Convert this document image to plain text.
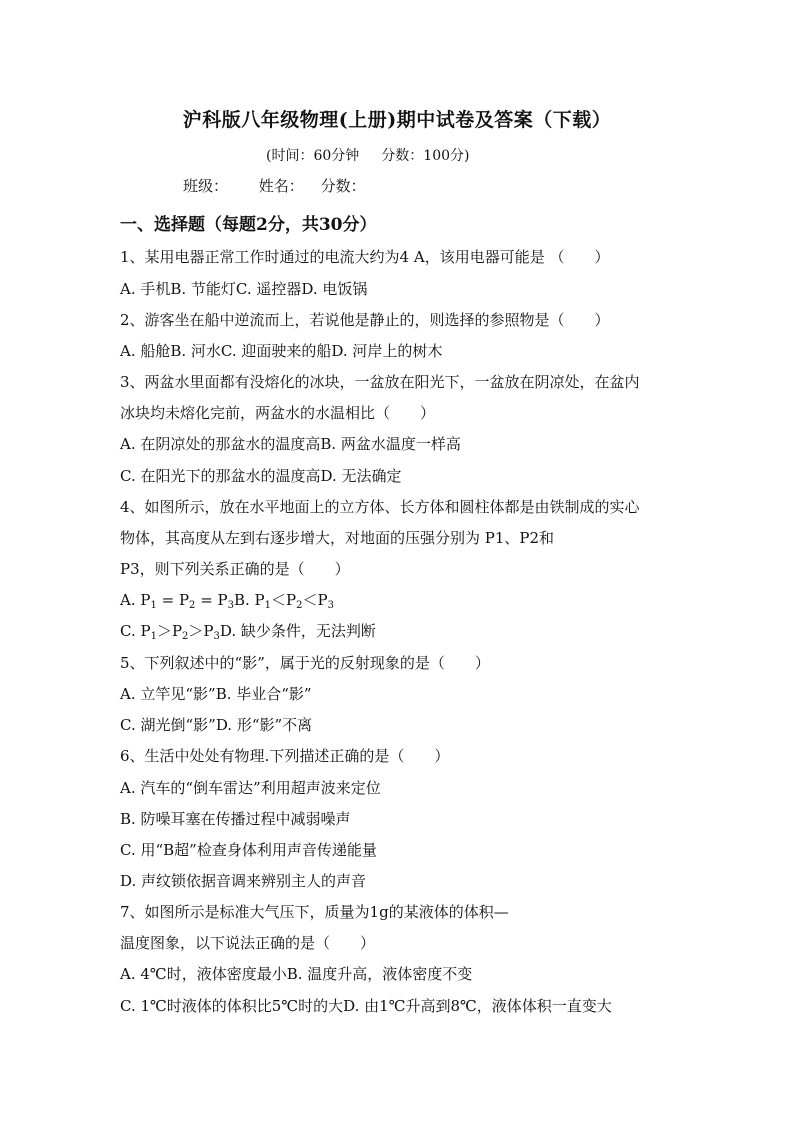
沪科版八年级物理(上册)期中试卷及答案（下载）
(时间：60分钟 分数：100分)
班级： 姓名： 分数：
一、选择题（每题2分，共30分）
1、某用电器正常工作时通过的电流大约为4 A，该用电器可能是 （　　）
A. 手机B. 节能灯C. 遥控器D. 电饭锅
2、游客坐在船中逆流而上，若说他是静止的，则选择的参照物是（　　）
A. 船舱B. 河水C. 迎面驶来的船D. 河岸上的树木
3、两盆水里面都有没熔化的冰块，一盆放在阳光下，一盆放在阴凉处，在盆内
冰块均未熔化完前，两盆水的水温相比（　　）
A. 在阴凉处的那盆水的温度高B. 两盆水温度一样高
C. 在阳光下的那盆水的温度高D. 无法确定
4、如图所示，放在水平地面上的立方体、长方体和圆柱体都是由铁制成的实心
物体，其高度从左到右逐步增大，对地面的压强分别为 P1、P2和
P3，则下列关系正确的是（　　）
A. $P_1 = P_2 = P_3B$. $P_1<P_2<P_3$
C. $P_1>P_2>P_3D$. 缺少条件，无法判断
5、下列叙述中的“影”，属于光的反射现象的是（　　）
A. 立竿见“影”B. 毕业合“影”
C. 湖光倒“影”D. 形“影”不离
6、生活中处处有物理.下列描述正确的是（　　）
A. 汽车的“倒车雷达”利用超声波来定位
B. 防噪耳塞在传播过程中减弱噪声
C. 用“B超”检查身体利用声音传递能量
D. 声纹锁依据音调来辨别主人的声音
7、如图所示是标准大气压下，质量为1g的某液体的体积—
温度图象，以下说法正确的是（　　）
A. 4℃时，液体密度最小B. 温度升高，液体密度不变
C. 1℃时液体的体积比5℃时的大D. 由1℃升高到8℃，液体体积一直变大
